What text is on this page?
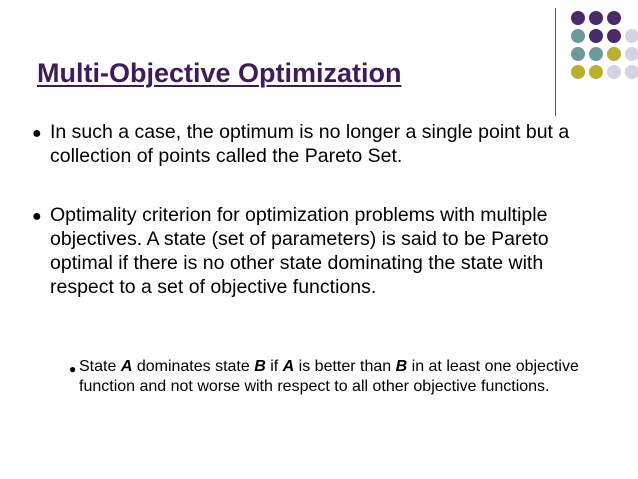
Multi-Objective Optimization
● In such a case, the optimum is no longer a single point but a collection of points called the Pareto Set.
● Optimality criterion for optimization problems with multiple objectives. A state (set of parameters) is said to be Pareto optimal if there is no other state dominating the state with respect to a set of objective functions.
● State A dominates state B if A is better than B in at least one objective function and not worse with respect to all other objective functions.
